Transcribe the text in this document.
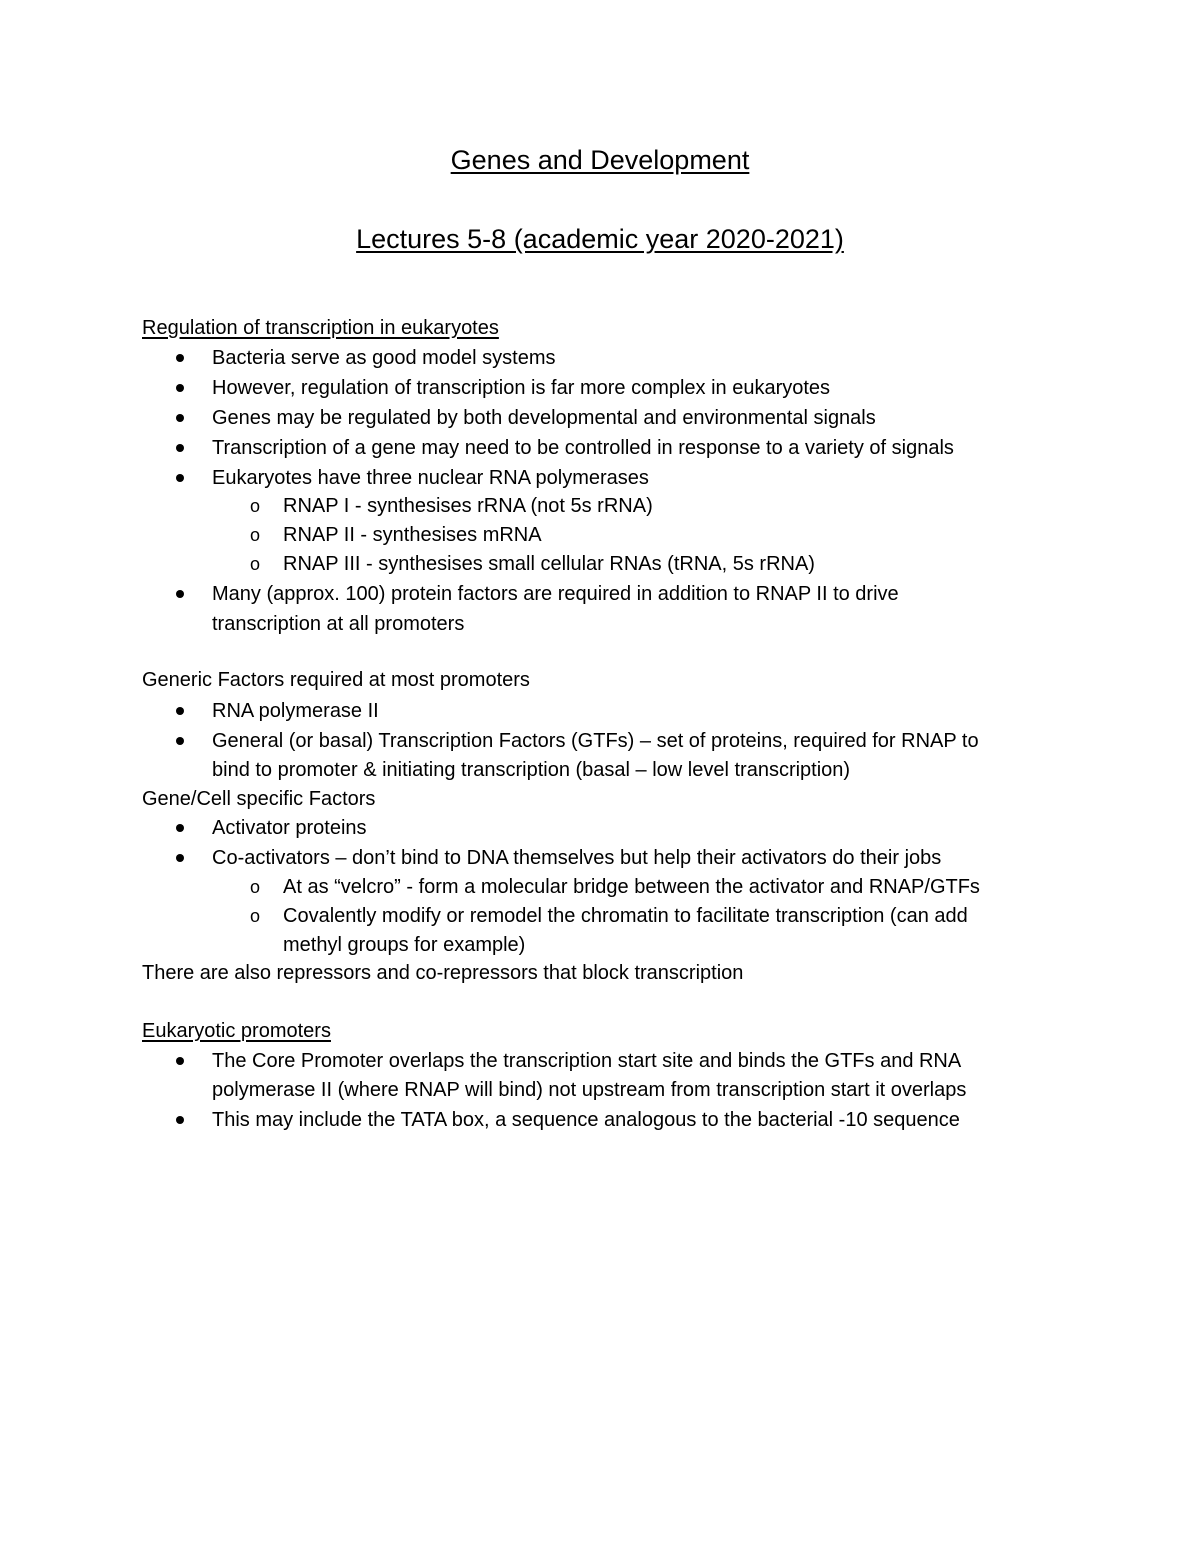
Genes and Development
Lectures 5-8 (academic year 2020-2021)
Regulation of transcription in eukaryotes
Bacteria serve as good model systems
However, regulation of transcription is far more complex in eukaryotes
Genes may be regulated by both developmental and environmental signals
Transcription of a gene may need to be controlled in response to a variety of signals
Eukaryotes have three nuclear RNA polymerases
o RNAP I - synthesises rRNA (not 5s rRNA)
o RNAP II - synthesises mRNA
o RNAP III - synthesises small cellular RNAs (tRNA, 5s rRNA)
Many (approx. 100) protein factors are required in addition to RNAP II to drive
transcription at all promoters
Generic Factors required at most promoters
RNA polymerase II
General (or basal) Transcription Factors (GTFs) – set of proteins, required for RNAP to
bind to promoter & initiating transcription (basal – low level transcription)
Gene/Cell specific Factors
Activator proteins
Co-activators – don’t bind to DNA themselves but help their activators do their jobs
o At as “velcro” - form a molecular bridge between the activator and RNAP/GTFs
o Covalently modify or remodel the chromatin to facilitate transcription (can add
methyl groups for example)
There are also repressors and co-repressors that block transcription
Eukaryotic promoters
The Core Promoter overlaps the transcription start site and binds the GTFs and RNA
polymerase II (where RNAP will bind) not upstream from transcription start it overlaps
This may include the TATA box, a sequence analogous to the bacterial -10 sequence
